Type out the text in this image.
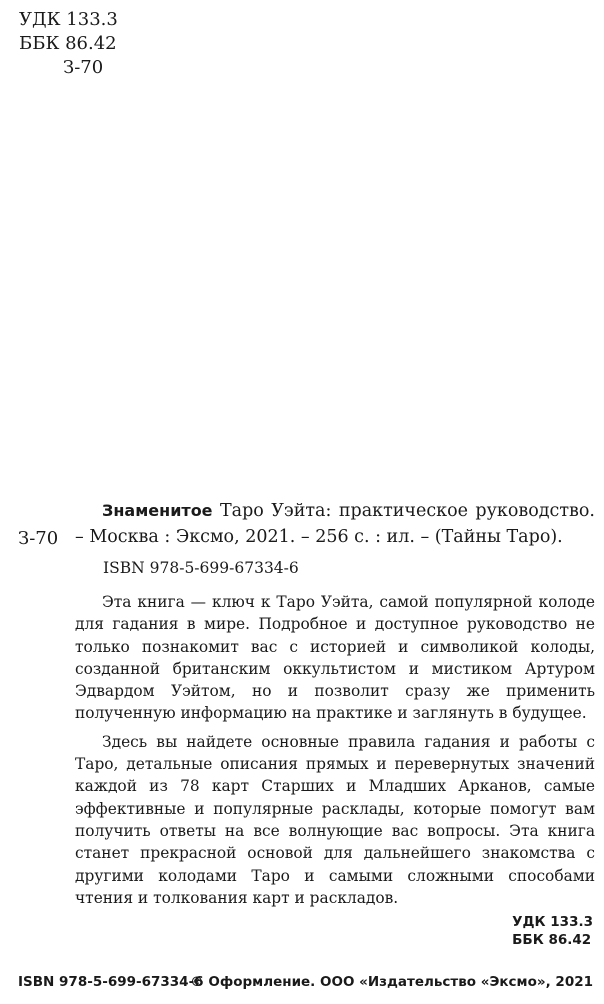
УДК 133.3
ББК 86.42
З-70
З-70

Знаменитое Таро Уэйта: практическое руководство. – Москва : Эксмо, 2021. – 256 с. : ил. – (Тайны Таро).

ISBN 978-5-699-67334-6

Эта книга — ключ к Таро Уэйта, самой популярной колоде для гадания в мире. Подробное и доступное руководство не только познакомит вас с историей и символикой колоды, созданной британским оккультистом и мистиком Артуром Эдвардом Уэйтом, но и позволит сразу же применить полученную информацию на практике и заглянуть в будущее.

Здесь вы найдете основные правила гадания и работы с Таро, детальные описания прямых и перевернутых значений каждой из 78 карт Старших и Младших Арканов, самые эффективные и популярные расклады, которые помогут вам получить ответы на все волнующие вас вопросы. Эта книга станет прекрасной основой для дальнейшего знакомства с другими колодами Таро и самыми сложными способами чтения и толкования карт и раскладов.

УДК 133.3
ББК 86.42
ISBN 978-5-699-67334-6
© Оформление. ООО «Издательство «Эксмо», 2021
